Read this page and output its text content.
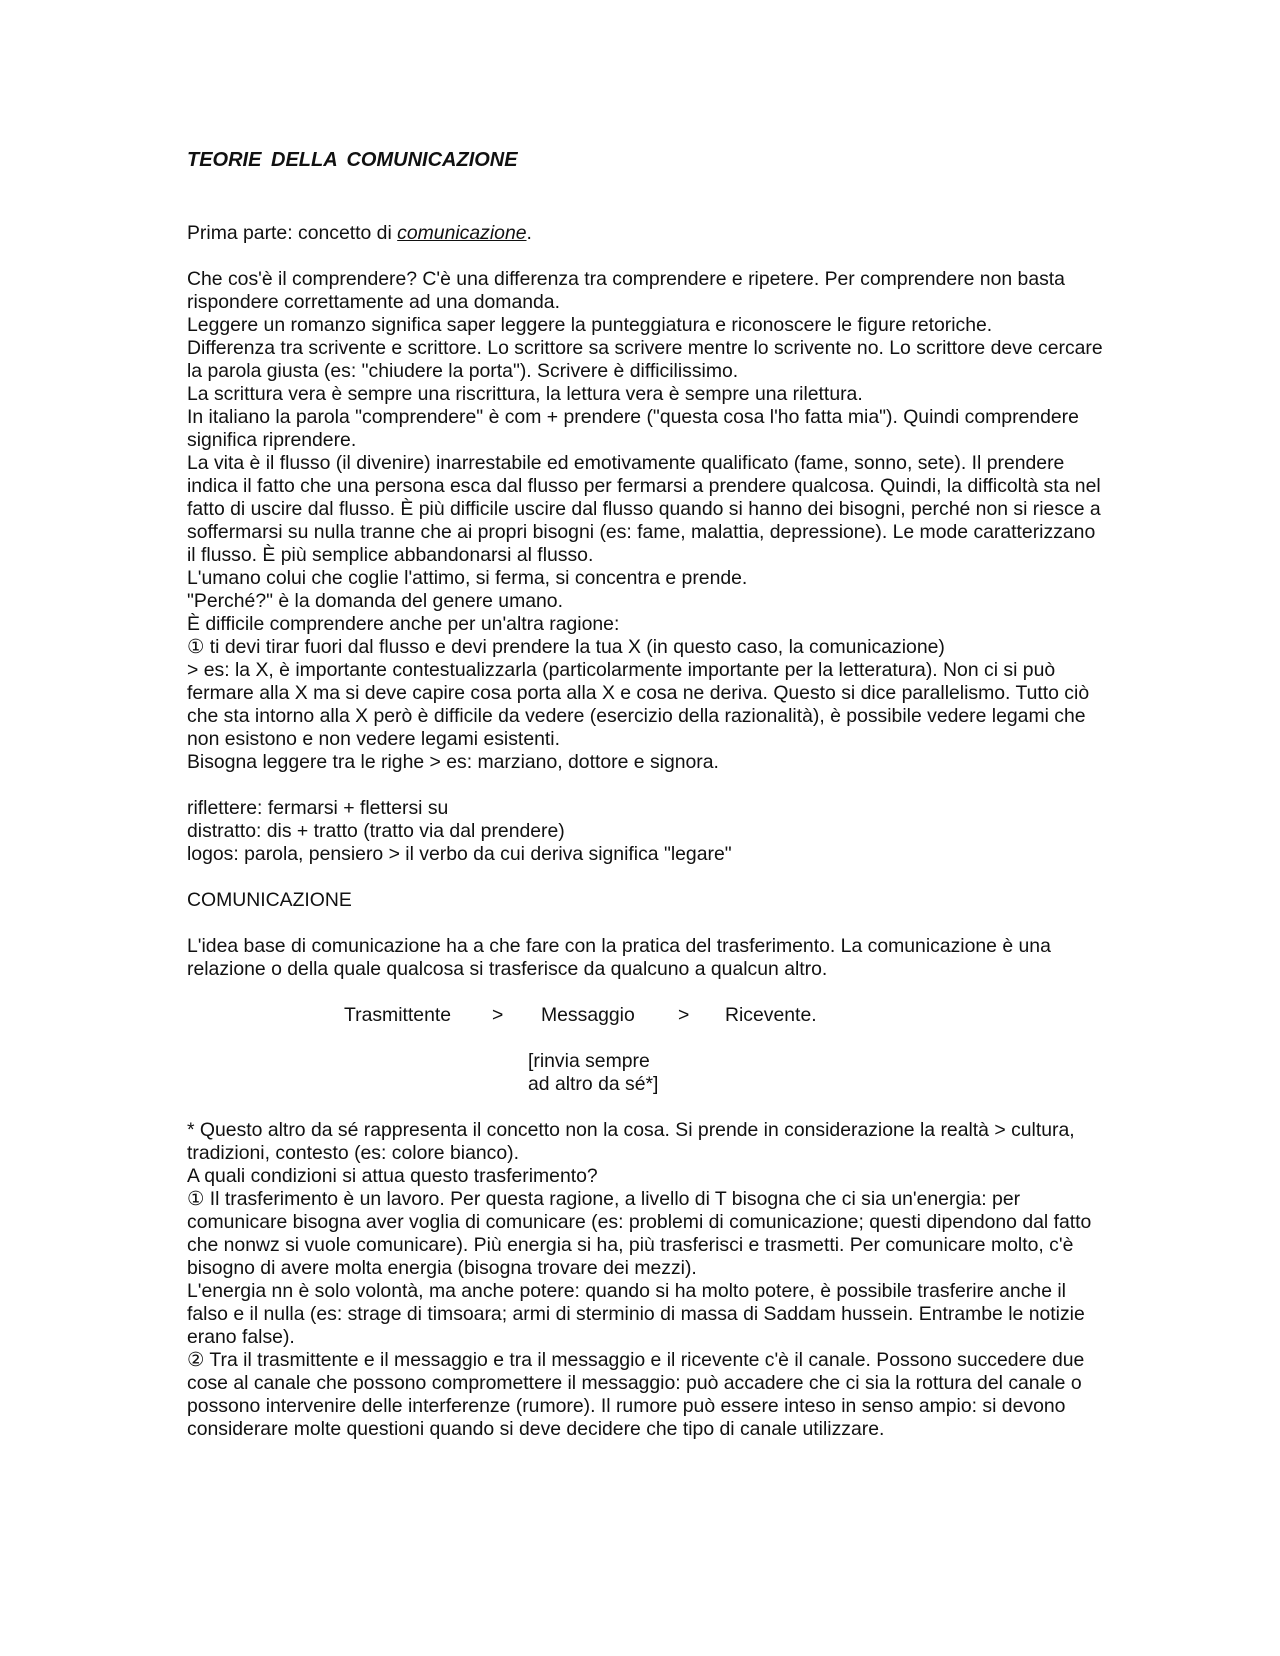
TEORIE DELLA COMUNICAZIONE

Prima parte: concetto di comunicazione.

Che cos'è il comprendere? C'è una differenza tra comprendere e ripetere. Per comprendere non basta rispondere correttamente ad una domanda.

Leggere un romanzo significa saper leggere la punteggiatura e riconoscere le figure retoriche.

Differenza tra scrivente e scrittore. Lo scrittore sa scrivere mentre lo scrivente no. Lo scrittore deve cercare la parola giusta (es: "chiudere la porta"). Scrivere è difficilissimo.

La scrittura vera è sempre una riscrittura, la lettura vera è sempre una rilettura.

In italiano la parola "comprendere" è com + prendere ("questa cosa l'ho fatta mia"). Quindi comprendere significa riprendere.

La vita è il flusso (il divenire) inarrestabile ed emotivamente qualificato (fame, sonno, sete). Il prendere indica il fatto che una persona esca dal flusso per fermarsi a prendere qualcosa. Quindi, la difficoltà sta nel fatto di uscire dal flusso. È più difficile uscire dal flusso quando si hanno dei bisogni, perché non si riesce a soffermarsi su nulla tranne che ai propri bisogni (es: fame, malattia, depressione). Le mode caratterizzano il flusso. È più semplice abbandonarsi al flusso.

L'umano colui che coglie l'attimo, si ferma, si concentra e prende.

"Perché?" è la domanda del genere umano.

È difficile comprendere anche per un'altra ragione:

① ti devi tirar fuori dal flusso e devi prendere la tua X (in questo caso, la comunicazione)

> es: la X, è importante contestualizzarla (particolarmente importante per la letteratura). Non ci si può fermare alla X ma si deve capire cosa porta alla X e cosa ne deriva. Questo si dice parallelismo. Tutto ciò che sta intorno alla X però è difficile da vedere (esercizio della razionalità), è possibile vedere legami che non esistono e non vedere legami esistenti.

Bisogna leggere tra le righe > es: marziano, dottore e signora.

riflettere: fermarsi + flettersi su

distratto: dis + tratto (tratto via dal prendere)

logos: parola, pensiero > il verbo da cui deriva significa "legare"

COMUNICAZIONE

L'idea base di comunicazione ha a che fare con la pratica del trasferimento. La comunicazione è una relazione o della quale qualcosa si trasferisce da qualcuno a qualcun altro.

Trasmittente > Messaggio > Ricevente.
[rinvia sempre
ad altro da sé*]

* Questo altro da sé rappresenta il concetto non la cosa. Si prende in considerazione la realtà > cultura, tradizioni, contesto (es: colore bianco).

A quali condizioni si attua questo trasferimento?

① Il trasferimento è un lavoro. Per questa ragione, a livello di T bisogna che ci sia un'energia: per comunicare bisogna aver voglia di comunicare (es: problemi di comunicazione; questi dipendono dal fatto che nonwz si vuole comunicare). Più energia si ha, più trasferisci e trasmetti. Per comunicare molto, c'è bisogno di avere molta energia (bisogna trovare dei mezzi).

L'energia nn è solo volontà, ma anche potere: quando si ha molto potere, è possibile trasferire anche il falso e il nulla (es: strage di timsoara; armi di sterminio di massa di Saddam hussein. Entrambe le notizie erano false).

② Tra il trasmittente e il messaggio e tra il messaggio e il ricevente c'è il canale. Possono succedere due cose al canale che possono compromettere il messaggio: può accadere che ci sia la rottura del canale o possono intervenire delle interferenze (rumore). Il rumore può essere inteso in senso ampio: si devono considerare molte questioni quando si deve decidere che tipo di canale utilizzare.
